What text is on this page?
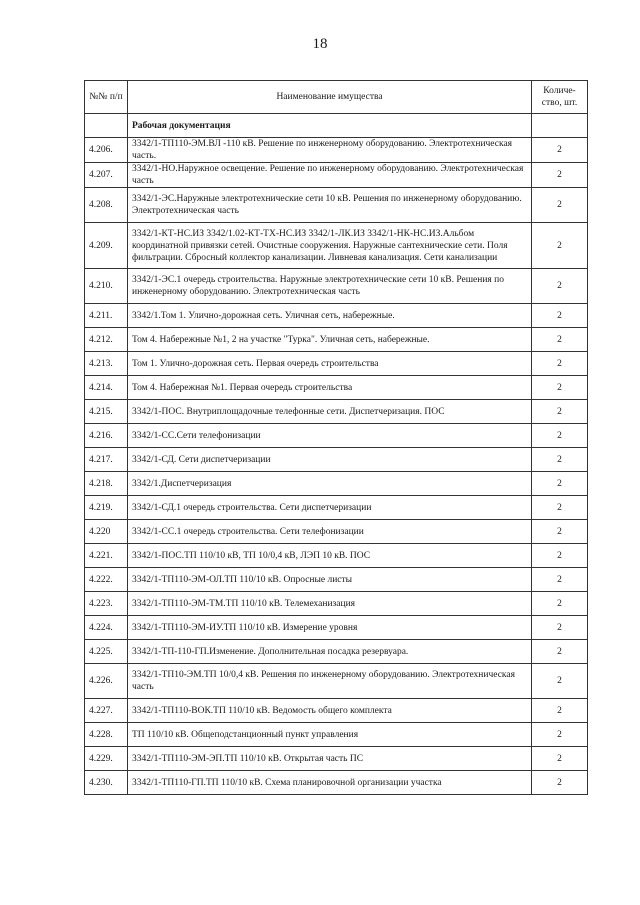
18
№№ п/п	Наименование имущества	Количе- ство, шт.
	Рабочая документация	
4.206.	3342/1-ТП110-ЭМ.ВЛ -110 кВ. Решение по инженерному оборудованию. Электротехническая часть.	2
4.207.	3342/1-НО.Наружное освещение. Решение по инженерному оборудованию. Электротехническая часть	2
4.208.	3342/1-ЭС.Наружные электротехнические сети 10 кВ. Решения по инженерному оборудованию. Электротехническая часть	2
4.209.	3342/1-КТ-НС.ИЗ 3342/1.02-КТ-ТХ-НС.ИЗ 3342/1-ЛК.ИЗ 3342/1-НК-НС.ИЗ.Альбом координатной привязки сетей. Очистные сооружения. Наружные сантехнические сети. Поля фильтрации. Сбросный коллектор канализации. Ливневая канализация. Сети канализации	2
4.210.	3342/1-ЭС.1 очередь строительства. Наружные электротехнические сети 10 кВ. Решения по инженерному оборудованию. Электротехническая часть	2
4.211.	3342/1.Том 1. Улично-дорожная сеть. Уличная сеть, набережные.	2
4.212.	Том 4. Набережные №1, 2 на участке "Турка". Уличная сеть, набережные.	2
4.213.	Том 1. Улично-дорожная сеть. Первая очередь строительства	2
4.214.	Том 4. Набережная №1. Первая очередь строительства	2
4.215.	3342/1-ПОС. Внутриплощадочные телефонные сети. Диспетчеризация. ПОС	2
4.216.	3342/1-СС.Сети телефонизации	2
4.217.	3342/1-СД. Сети диспетчеризации	2
4.218.	3342/1.Диспетчеризация	2
4.219.	3342/1-СД.1 очередь строительства. Сети диспетчеризации	2
4.220	3342/1-СС.1 очередь строительства. Сети телефонизации	2
4.221.	3342/1-ПОС.ТП 110/10 кВ, ТП 10/0,4 кВ, ЛЭП 10 кВ. ПОС	2
4.222.	3342/1-ТП110-ЭМ-ОЛ.ТП 110/10 кВ. Опросные листы	2
4.223.	3342/1-ТП110-ЭМ-ТМ.ТП 110/10 кВ. Телемеханизация	2
4.224.	3342/1-ТП110-ЭМ-ИУ.ТП 110/10 кВ. Измерение уровня	2
4.225.	3342/1-ТП-110-ГП.Изменение. Дополнительная посадка резервуара.	2
4.226.	3342/1-ТП10-ЭМ.ТП 10/0,4 кВ. Решения по инженерному оборудованию. Электротехническая часть	2
4.227.	3342/1-ТП110-ВОК.ТП 110/10 кВ. Ведомость общего комплекта	2
4.228.	ТП 110/10 кВ. Общеподстанционный пункт управления	2
4.229.	3342/1-ТП110-ЭМ-ЭП.ТП 110/10 кВ. Открытая часть ПС	2
4.230.	3342/1-ТП110-ГП.ТП 110/10 кВ. Схема планировочной организации участка	2
